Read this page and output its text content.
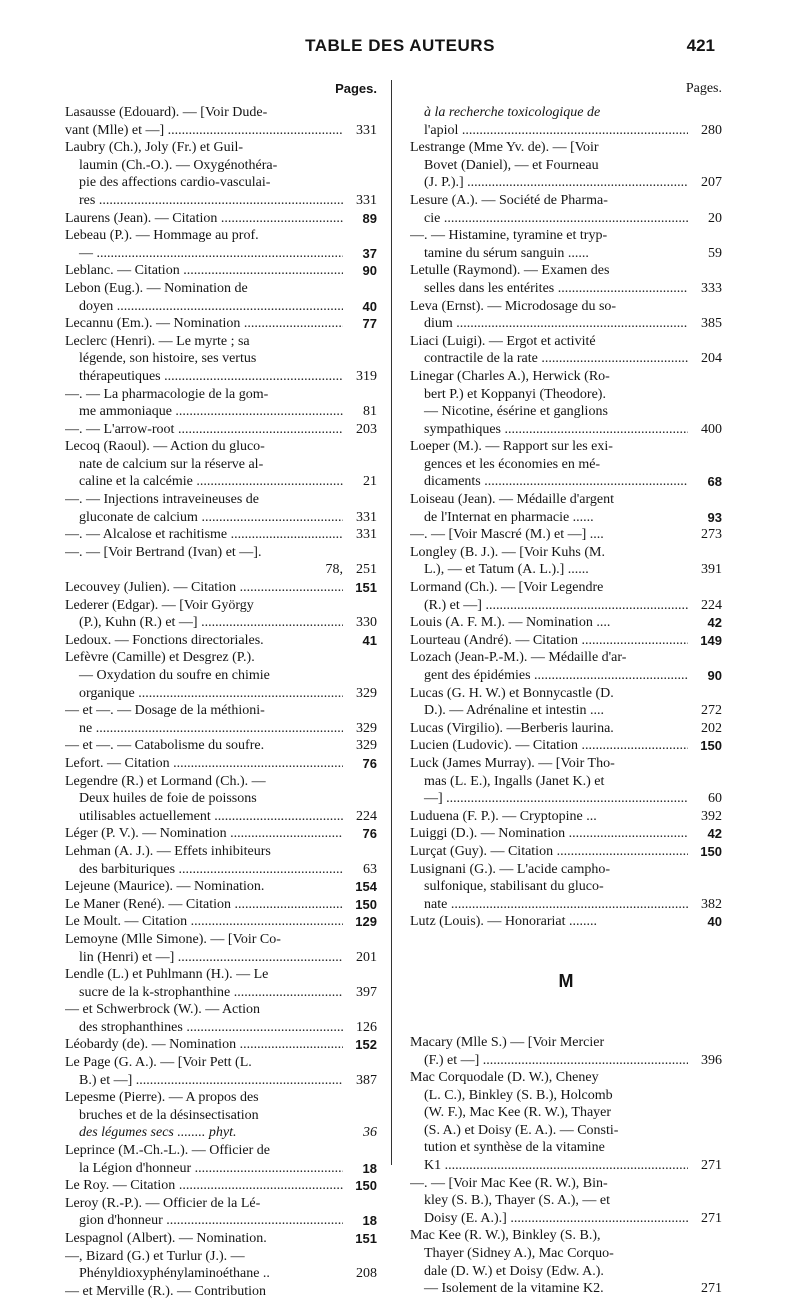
TABLE DES AUTEURS	421
Pages.
Lasausse (Edouard). — [Voir Dude-
vant (Mlle) et —] .....	331
Laubry (Ch.), Joly (Fr.) et Guil-
laumin (Ch.-O.). — Oxygénothéra-
pie des affections cardio-vasculai-
res .....	331
Laurens (Jean). — Citation .....	89
Lebeau (P.). — Hommage au prof.
— .....	37
Leblanc. — Citation .....	90
Lebon (Eug.). — Nomination de
doyen .....	40
Lecannu (Em.). — Nomination .....	77
Leclerc (Henri). — Le myrte ; sa
légende, son histoire, ses vertus
thérapeutiques .....	319
—. — La pharmacologie de la gom-
me ammoniaque .....	81
—. — L'arrow-root .....	203
Lecoq (Raoul). — Action du gluco-
nate de calcium sur la réserve al-
caline et la calcémie .....	21
—. — Injections intraveineuses de
gluconate de calcium .....	331
—. — Alcalose et rachitisme .....	331
—. — [Voir Bertrand (Ivan) et —].
78, 251
Lecouvey (Julien). — Citation .....	151
Lederer (Edgar). — [Voir György
(P.), Kuhn (R.) et —] .....	330
Ledoux. — Fonctions directoriales.	41
Lefèvre (Camille) et Desgrez (P.).
— Oxydation du soufre en chimie
organique .....	329
— et —. — Dosage de la méthioni-
ne .....	329
— et —. — Catabolisme du soufre.	329
Lefort. — Citation .....	76
Legendre (R.) et Lormand (Ch.). —
Deux huiles de foie de poissons
utilisables actuellement .....	224
Léger (P. V.). — Nomination .....	76
Lehman (A. J.). — Effets inhibiteurs
des barbituriques .....	63
Lejeune (Maurice). — Nomination.	154
Le Maner (René). — Citation .....	150
Le Moult. — Citation .....	129
Lemoyne (Mlle Simone). — [Voir Co-
lin (Henri) et —] .....	201
Lendle (L.) et Puhlmann (H.). — Le
sucre de la k-strophanthine .....	397
— et Schwerbrock (W.). — Action
des strophanthines .....	126
Léobardy (de). — Nomination .....	152
Le Page (G. A.). — [Voir Pett (L.
B.) et —] .....	387
Lepesme (Pierre). — A propos des
bruches et de la désinsectisation
des légumes secs ........ phyt.	36
Leprince (M.-Ch.-L.). — Officier de
la Légion d'honneur .....	18
Le Roy. — Citation .....	150
Leroy (R.-P.). — Officier de la Lé-
gion d'honneur .....	18
Lespagnol (Albert). — Nomination.	151
—, Bizard (G.) et Turlur (J.). —
Phényldioxyphénylaminoéthane ..	208
— et Merville (R.). — Contribution
Pages.
à la recherche toxicologique de
l'apiol .....	280
Lestrange (Mme Yv. de). — [Voir
Bovet (Daniel), — et Fourneau
(J. P.).] .....	207
Lesure (A.). — Société de Pharma-
cie .....	20
—. — Histamine, tyramine et tryp-
tamine du sérum sanguin ......	59
Letulle (Raymond). — Examen des
selles dans les entérites .....	333
Leva (Ernst). — Microdosage du so-
dium .....	385
Liaci (Luigi). — Ergot et activité
contractile de la rate .....	204
Linegar (Charles A.), Herwick (Ro-
bert P.) et Koppanyi (Theodore).
— Nicotine, ésérine et ganglions
sympathiques .....	400
Loeper (M.). — Rapport sur les exi-
gences et les économies en mé-
dicaments .....	68
Loiseau (Jean). — Médaille d'argent
de l'Internat en pharmacie ......	93
—. — [Voir Mascré (M.) et —] ....	273
Longley (B. J.). — [Voir Kuhs (M.
L.), — et Tatum (A. L.).] ......	391
Lormand (Ch.). — [Voir Legendre
(R.) et —] .....	224
Louis (A. F. M.). — Nomination ....	42
Lourteau (André). — Citation .....	149
Lozach (Jean-P.-M.). — Médaille d'ar-
gent des épidémies .....	90
Lucas (G. H. W.) et Bonnycastle (D.
D.). — Adrénaline et intestin ....	272
Lucas (Virgilio). —Berberis laurina.	202
Lucien (Ludovic). — Citation .....	150
Luck (James Murray). — [Voir Tho-
mas (L. E.), Ingalls (Janet K.) et
—] .....	60
Luduena (F. P.). — Cryptopine ...	392
Luiggi (D.). — Nomination .....	42
Lurçat (Guy). — Citation .....	150
Lusignani (G.). — L'acide campho-
sulfonique, stabilisant du gluco-
nate .....	382
Lutz (Louis). — Honorariat ........	40
M
Macary (Mlle S.) — [Voir Mercier
(F.) et —] .....	396
Mac Corquodale (D. W.), Cheney
(L. C.), Binkley (S. B.), Holcomb
(W. F.), Mac Kee (R. W.), Thayer
(S. A.) et Doisy (E. A.). — Consti-
tution et synthèse de la vitamine
K1 .....	271
—. — [Voir Mac Kee (R. W.), Bin-
kley (S. B.), Thayer (S. A.), — et
Doisy (E. A.).] .....	271
Mac Kee (R. W.), Binkley (S. B.),
Thayer (Sidney A.), Mac Corquo-
dale (D. W.) et Doisy (Edw. A.).
— Isolement de la vitamine K2.	271
